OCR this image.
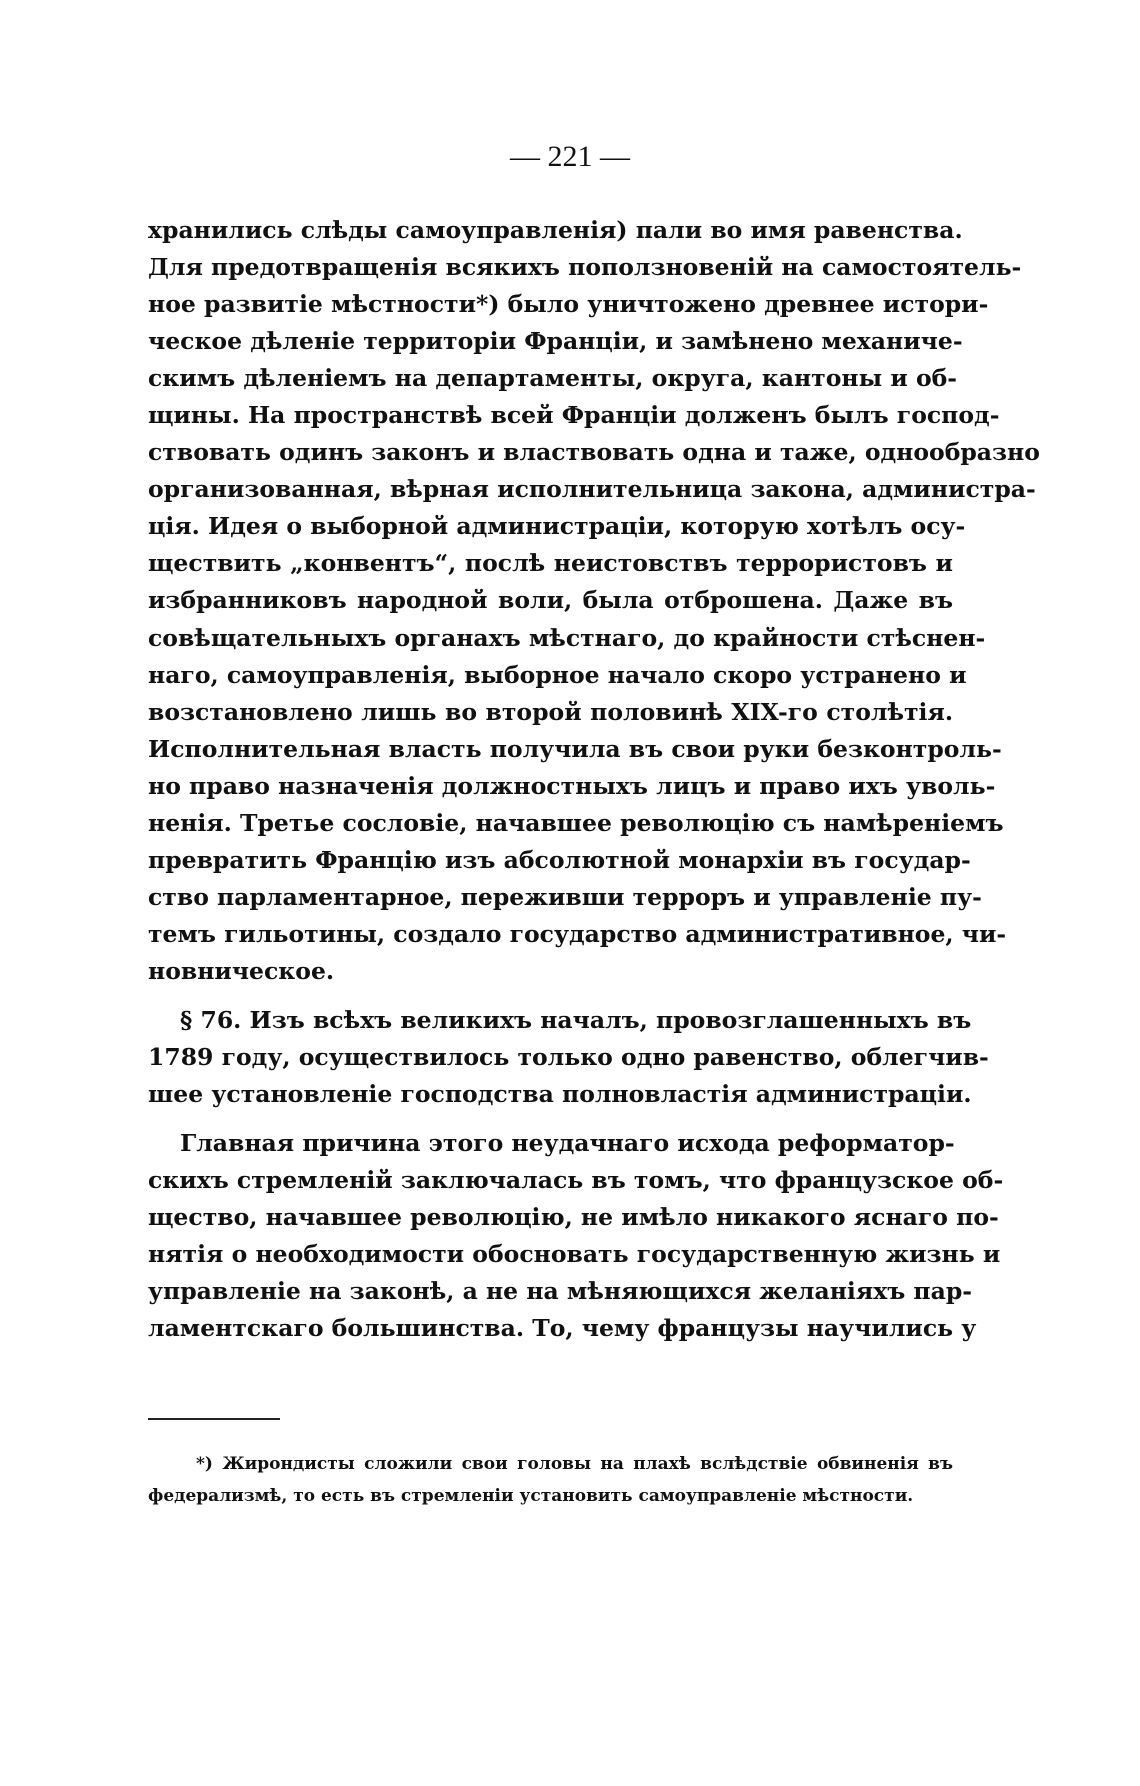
— 221 —
хранились слѣды самоуправленія) пали во имя равенства.
Для предотвращенія всякихъ поползновеній на самостоятель-
ное развитіе мѣстности*) было уничтожено древнее истори-
ческое дѣленіе территоріи Франціи, и замѣнено механиче-
скимъ дѣленіемъ на департаменты, округа, кантоны и об-
щины. На пространствѣ всей Франціи долженъ былъ господ-
ствовать одинъ законъ и властвовать одна и таже, однообразно
организованная, вѣрная исполнительница закона, администра-
ція. Идея о выборной администраціи, которую хотѣлъ осу-
ществить „конвентъ“, послѣ неистовствъ террористовъ и
избранниковъ народной воли, была отброшена. Даже въ
совѣщательныхъ органахъ мѣстнаго, до крайности стѣснен-
наго, самоуправленія, выборное начало скоро устранено и
возстановлено лишь во второй половинѣ XIX-го столѣтія.
Исполнительная власть получила въ свои руки безконтроль-
но право назначенія должностныхъ лицъ и право ихъ уволь-
ненія. Третье сословіе, начавшее революцію съ намѣреніемъ
превратить Францію изъ абсолютной монархіи въ государ-
ство парламентарное, переживши терроръ и управленіе пу-
темъ гильотины, создало государство административное, чи-
новническое.
§ 76. Изъ всѣхъ великихъ началъ, провозглашенныхъ въ
1789 году, осуществилось только одно равенство, облегчив-
шее установленіе господства полновластія администраціи.
Главная причина этого неудачнаго исхода реформатор-
скихъ стремленій заключалась въ томъ, что французское об-
щество, начавшее революцію, не имѣло никакого яснаго по-
нятія о необходимости обосновать государственную жизнь и
управленіе на законѣ, а не на мѣняющихся желаніяхъ пар-
ламентскаго большинства. То, чему французы научились у
*) Жирондисты сложили свои головы на плахѣ вслѣдствіе обвиненія въ
федерализмѣ, то есть въ стремленіи установить самоуправленіе мѣстности.
